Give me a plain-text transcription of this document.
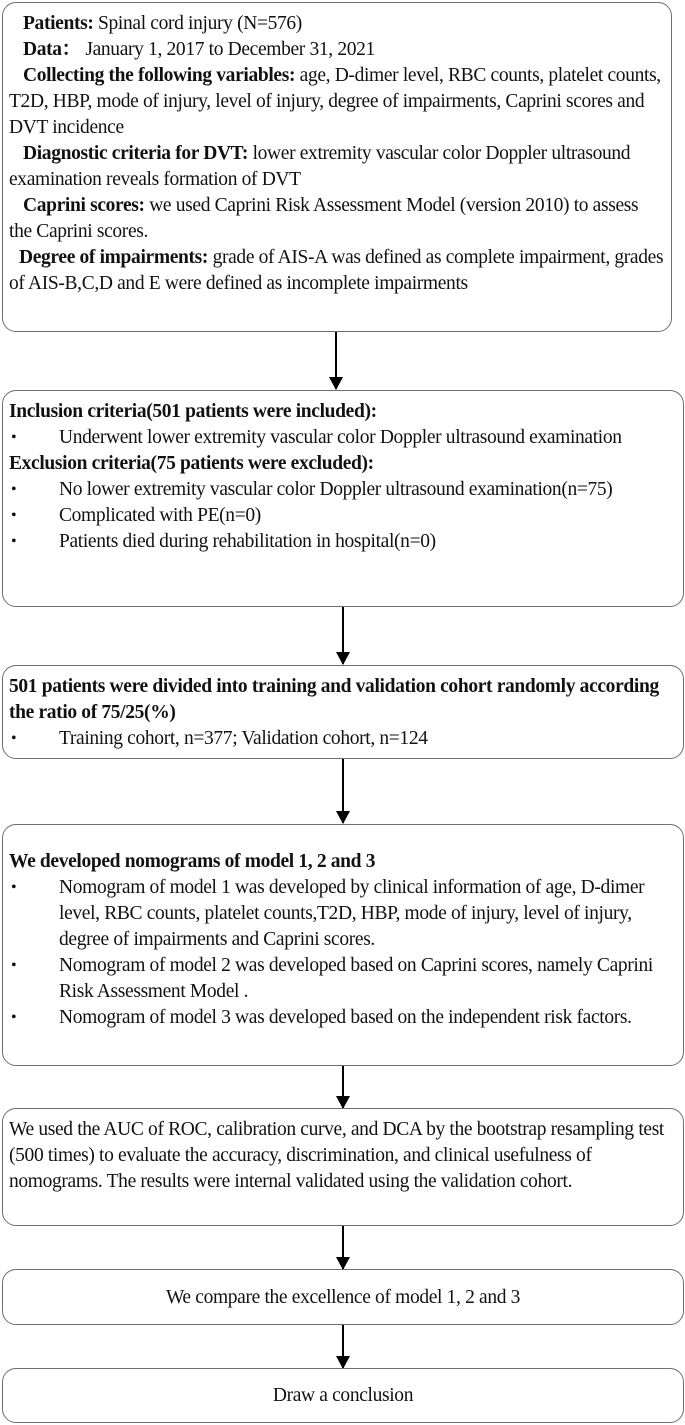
Patients: Spinal cord injury (N=576)

Data： January 1, 2017 to December 31, 2021

Collecting the following variables: age, D-dimer level, RBC counts, platelet counts, T2D, HBP, mode of injury, level of injury, degree of impairments, Caprini scores and DVT incidence

Diagnostic criteria for DVT: lower extremity vascular color Doppler ultrasound examination reveals formation of DVT

Caprini scores: we used Caprini Risk Assessment Model (version 2010) to assess the Caprini scores.

Degree of impairments: grade of AIS-A was defined as complete impairment, grades of AIS-B,C,D and E were defined as incomplete impairments

Inclusion criteria(501 patients were included):

• Underwent lower extremity vascular color Doppler ultrasound examination

Exclusion criteria(75 patients were excluded):

• No lower extremity vascular color Doppler ultrasound examination(n=75)

• Complicated with PE(n=0)

• Patients died during rehabilitation in hospital(n=0)

501 patients were divided into training and validation cohort randomly according the ratio of 75/25(%)

• Training cohort, n=377; Validation cohort, n=124

We developed nomograms of model 1, 2 and 3

• Nomogram of model 1 was developed by clinical information of age, D-dimer level, RBC counts, platelet counts,T2D, HBP, mode of injury, level of injury, degree of impairments and Caprini scores.

• Nomogram of model 2 was developed based on Caprini scores, namely Caprini Risk Assessment Model .

• Nomogram of model 3 was developed based on the independent risk factors.

We used the AUC of ROC, calibration curve, and DCA by the bootstrap resampling test (500 times) to evaluate the accuracy, discrimination, and clinical usefulness of nomograms. The results were internal validated using the validation cohort.

We compare the excellence of model 1, 2 and 3

Draw a conclusion
